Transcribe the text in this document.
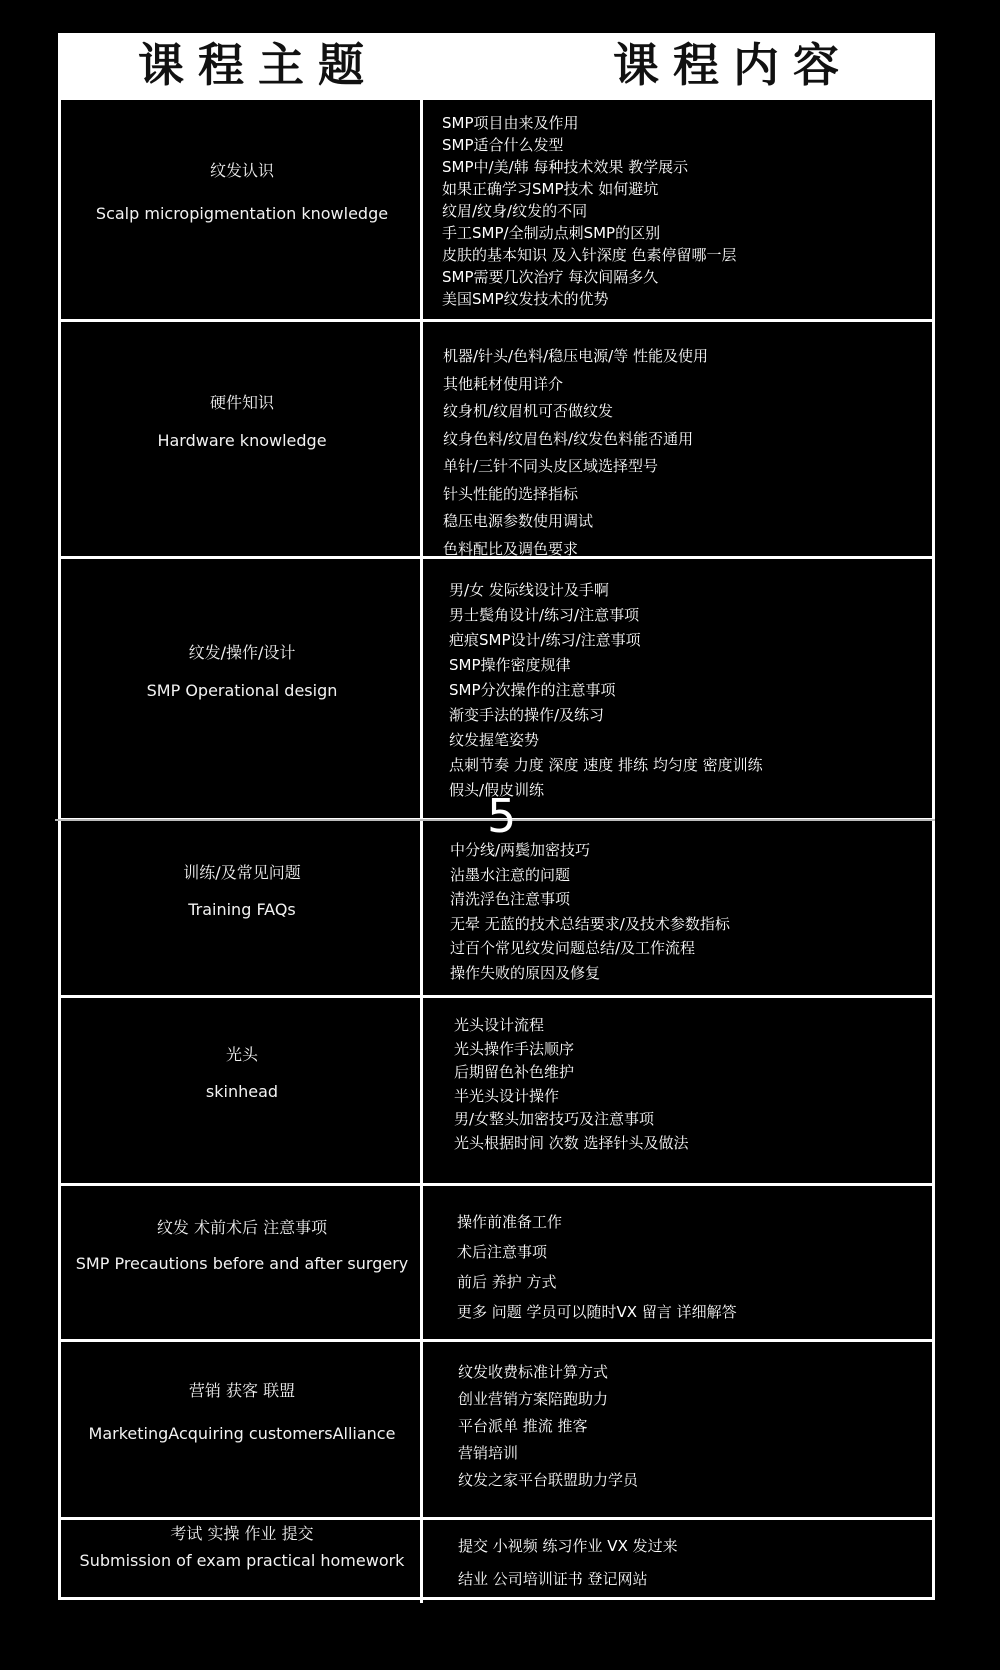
课程主题	课程内容
纹发认识
Scalp micropigmentation knowledge
SMP项目由来及作用
SMP适合什么发型
SMP中/美/韩 每种技术效果 教学展示
如果正确学习SMP技术 如何避坑
纹眉/纹身/纹发的不同
手工SMP/全制动点刺SMP的区别
皮肤的基本知识 及入针深度 色素停留哪一层
SMP需要几次治疗 每次间隔多久
美国SMP纹发技术的优势
硬件知识
Hardware knowledge
机器/针头/色料/稳压电源/等 性能及使用
其他耗材使用详介
纹身机/纹眉机可否做纹发
纹身色料/纹眉色料/纹发色料能否通用
单针/三针不同头皮区域选择型号
针头性能的选择指标
稳压电源参数使用调试
色料配比及调色要求
纹发/操作/设计
SMP Operational design
男/女 发际线设计及手啊
男士鬓角设计/练习/注意事项
疤痕SMP设计/练习/注意事项
SMP操作密度规律
SMP分次操作的注意事项
渐变手法的操作/及练习
纹发握笔姿势
点刺节奏 力度 深度 速度 排练 均匀度 密度训练
假头/假皮训练
训练/及常见问题
Training FAQs
中分线/两鬓加密技巧
沾墨水注意的问题
清洗浮色注意事项
无晕 无蓝的技术总结要求/及技术参数指标
过百个常见纹发问题总结/及工作流程
操作失败的原因及修复
光头
skinhead
光头设计流程
光头操作手法顺序
后期留色补色维护
半光头设计操作
男/女整头加密技巧及注意事项
光头根据时间 次数 选择针头及做法
纹发 术前术后 注意事项
SMP Precautions before and after surgery
操作前准备工作
术后注意事项
前后 养护 方式
更多 问题 学员可以随时VX 留言 详细解答
营销 获客 联盟
MarketingAcquiring customersAlliance
纹发收费标准计算方式
创业营销方案陪跑助力
平台派单 推流 推客
营销培训
纹发之家平台联盟助力学员
考试 实操 作业 提交
Submission of exam practical homework
提交 小视频 练习作业 VX 发过来
结业 公司培训证书 登记网站
5
